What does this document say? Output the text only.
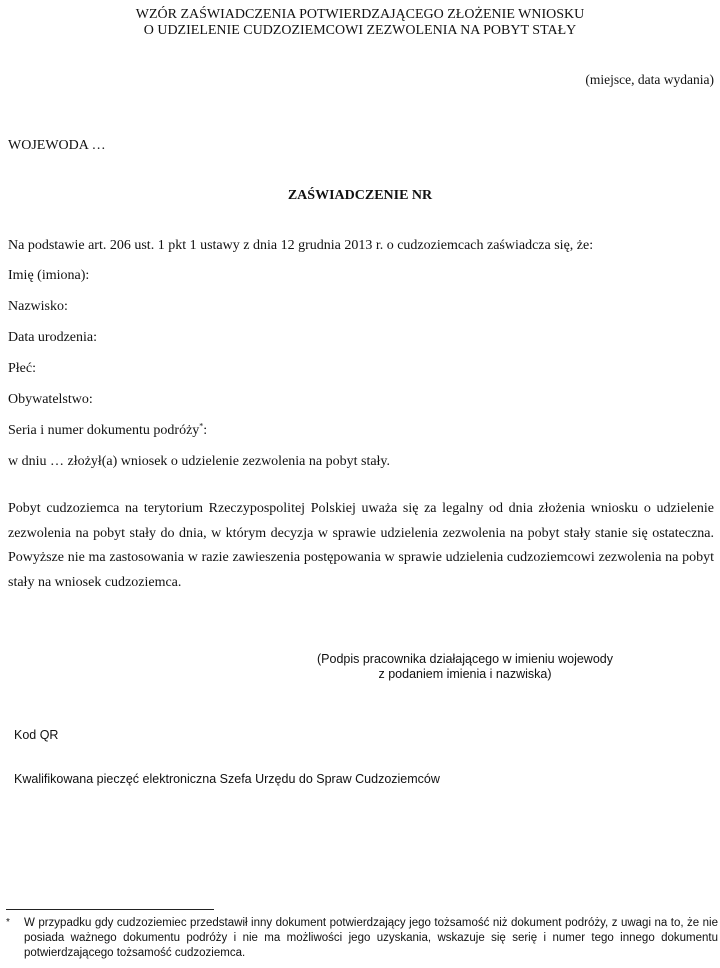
WZÓR ZAŚWIADCZENIA POTWIERDZAJĄCEGO ZŁOŻENIE WNIOSKU
O UDZIELENIE CUDZOZIEMCOWI ZEZWOLENIA NA POBYT STAŁY
(miejsce, data wydania)
WOJEWODA …
ZAŚWIADCZENIE NR
Na podstawie art. 206 ust. 1 pkt 1 ustawy z dnia 12 grudnia 2013 r. o cudzoziemcach zaświadcza się, że:
Imię (imiona):
Nazwisko:
Data urodzenia:
Płeć:
Obywatelstwo:
Seria i numer dokumentu podróży*:
w dniu … złożył(a) wniosek o udzielenie zezwolenia na pobyt stały.
Pobyt cudzoziemca na terytorium Rzeczypospolitej Polskiej uważa się za legalny od dnia złożenia wniosku o udzielenie zezwolenia na pobyt stały do dnia, w którym decyzja w sprawie udzielenia zezwolenia na pobyt stały stanie się ostateczna. Powyższe nie ma zastosowania w razie zawieszenia postępowania w sprawie udzielenia cudzoziemcowi zezwolenia na pobyt stały na wniosek cudzoziemca.
(Podpis pracownika działającego w imieniu wojewody
z podaniem imienia i nazwiska)
Kod QR
Kwalifikowana pieczęć elektroniczna Szefa Urzędu do Spraw Cudzoziemców
* W przypadku gdy cudzoziemiec przedstawił inny dokument potwierdzający jego tożsamość niż dokument podróży, z uwagi na to, że nie posiada ważnego dokumentu podróży i nie ma możliwości jego uzyskania, wskazuje się serię i numer tego innego dokumentu potwierdzającego tożsamość cudzoziemca.
